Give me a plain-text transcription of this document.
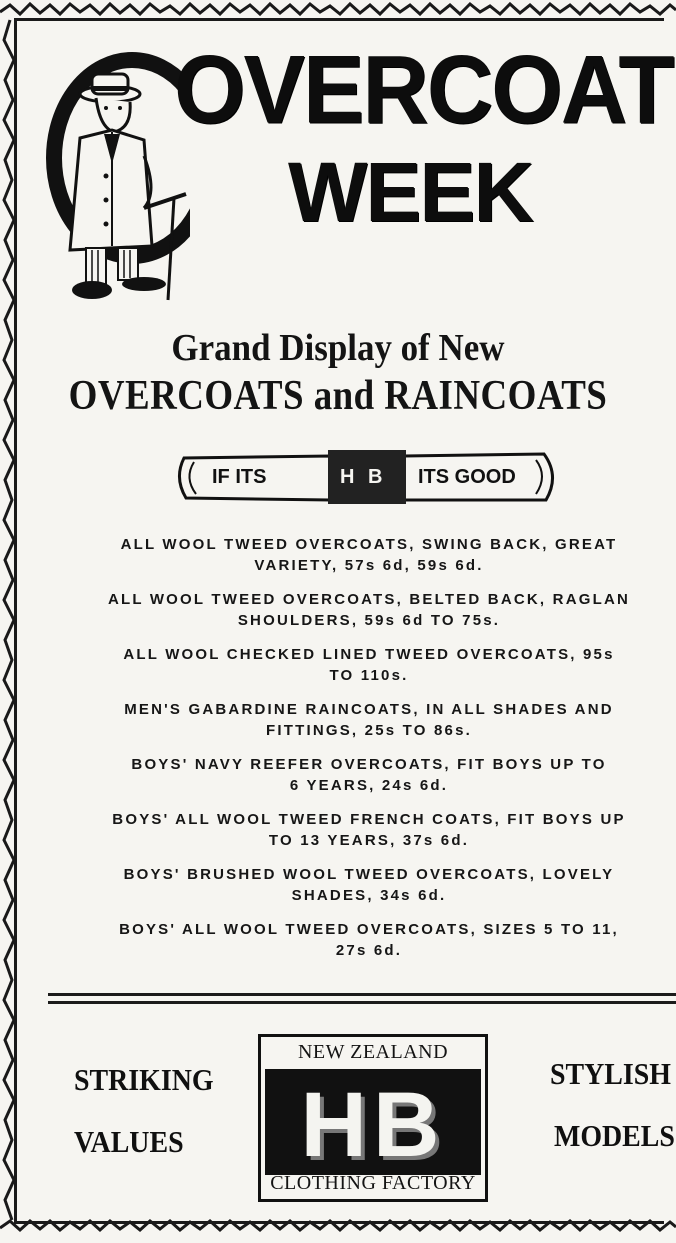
OVERCOAT
WEEK
Grand Display of New
OVERCOATS and RAINCOATS
IF ITS	H B ITS GOOD
ALL WOOL TWEED OVERCOATS, SWING BACK, GREAT
VARIETY, 57s 6d, 59s 6d.
ALL WOOL TWEED OVERCOATS, BELTED BACK, RAGLAN
SHOULDERS, 59s 6d TO 75s.
ALL WOOL CHECKED LINED TWEED OVERCOATS, 95s
TO 110s.
MEN'S GABARDINE RAINCOATS, IN ALL SHADES AND
FITTINGS, 25s TO 86s.
BOYS' NAVY REEFER OVERCOATS, FIT BOYS UP TO
6 YEARS, 24s 6d.
BOYS' ALL WOOL TWEED FRENCH COATS, FIT BOYS UP
TO 13 YEARS, 37s 6d.
BOYS' BRUSHED WOOL TWEED OVERCOATS, LOVELY
SHADES, 34s 6d.
BOYS' ALL WOOL TWEED OVERCOATS, SIZES 5 TO 11,
27s 6d.
STRIKING
VALUES
STYLISH
MODELS
NEW ZEALAND
HB
CLOTHING FACTORY
